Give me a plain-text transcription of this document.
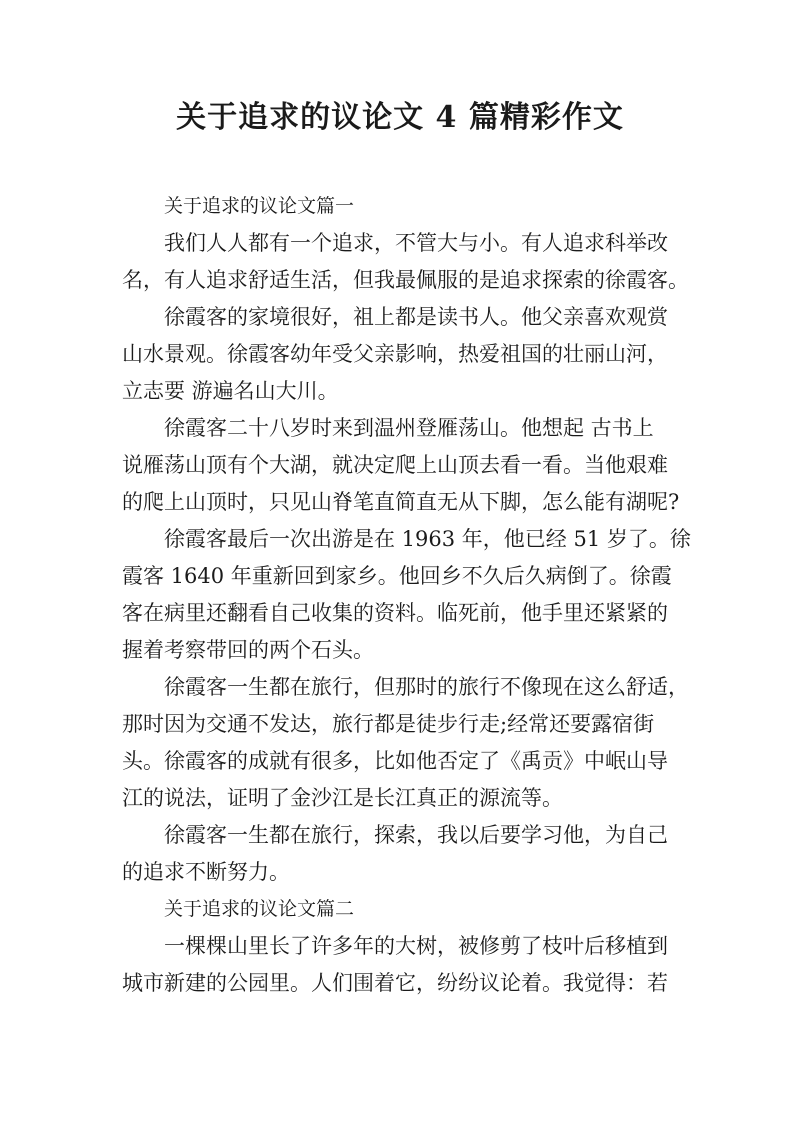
关于追求的议论文 4 篇精彩作文
关于追求的议论文篇一
我们人人都有一个追求，不管大与小。有人追求科举改
名，有人追求舒适生活，但我最佩服的是追求探索的徐霞客。
徐霞客的家境很好，祖上都是读书人。他父亲喜欢观赏
山水景观。徐霞客幼年受父亲影响，热爱祖国的壮丽山河，
立志要 游遍名山大川。
徐霞客二十八岁时来到温州登雁荡山。他想起 古书上
说雁荡山顶有个大湖，就决定爬上山顶去看一看。当他艰难
的爬上山顶时，只见山脊笔直简直无从下脚，怎么能有湖呢?
徐霞客最后一次出游是在 1963 年，他已经 51 岁了。徐
霞客 1640 年重新回到家乡。他回乡不久后久病倒了。徐霞
客在病里还翻看自己收集的资料。临死前，他手里还紧紧的
握着考察带回的两个石头。
徐霞客一生都在旅行，但那时的旅行不像现在这么舒适，
那时因为交通不发达，旅行都是徒步行走;经常还要露宿街
头。徐霞客的成就有很多，比如他否定了《禹贡》中岷山导
江的说法，证明了金沙江是长江真正的源流等。
徐霞客一生都在旅行，探索，我以后要学习他，为自己
的追求不断努力。
关于追求的议论文篇二
一棵棵山里长了许多年的大树，被修剪了枝叶后移植到
城市新建的公园里。人们围着它，纷纷议论着。我觉得：若
